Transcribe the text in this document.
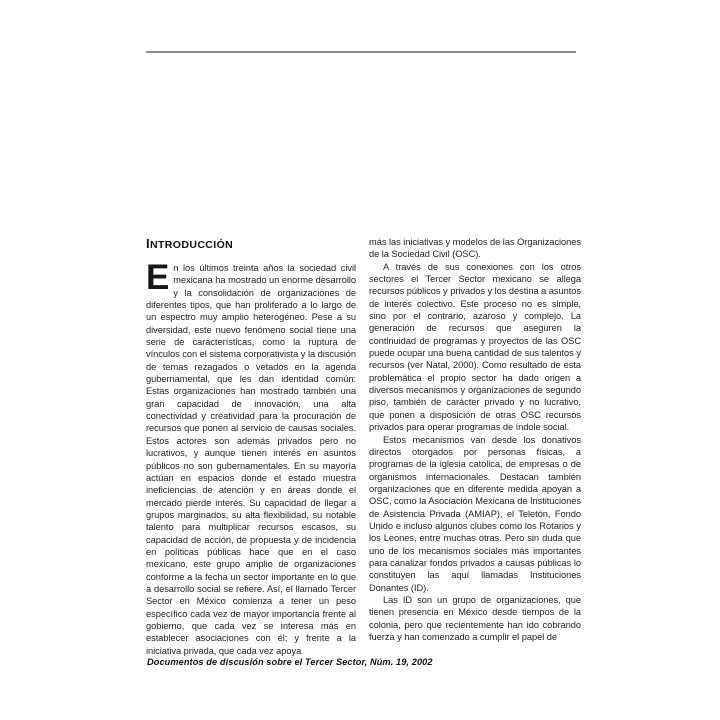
INTRODUCCIÓN

En los últimos treinta años la sociedad civil mexicana ha mostrado un enorme desarrollo y la consolidación de organizaciones de diferentes tipos, que han proliferado a lo largo de un espectro muy amplio heterogéneo. Pese a su diversidad, este nuevo fenómeno social tiene una serie de características, como la ruptura de vínculos con el sistema corporativista y la discusión de temas rezagados o vetados en la agenda gubernamental, que les dan identidad común: Estas organizaciones han mostrado también una gran capacidad de innovación, una alta conectividad y creatividad para la procuración de recursos que ponen al servicio de causas sociales. Estos actores son además privados pero no lucrativos, y aunque tienen interés en asuntos públicos no son gubernamentales. En su mayoría actúan en espacios donde el estado muestra ineficiencias de atención y en áreas donde el mercado pierde interés. Su capacidad de llegar a grupos marginados, su alta flexibilidad, su notable talento para multiplicar recursos escasos, su capacidad de acción, de propuesta y de incidencia en políticas públicas hace que en el caso mexicano, este grupo amplio de organizaciones conforme a la fecha un sector importante en lo que a desarrollo social se refiere. Así, el llamado Tercer Sector en México comienza a tener un peso específico cada vez de mayor importancia frente al gobierno, que cada vez se interesa más en establecer asociaciones con él; y frente a la iniciativa privada, que cada vez apoya

más las iniciativas y modelos de las Organizaciones de la Sociedad Civil (OSC).

A través de sus conexiones con los otros sectores el Tercer Sector mexicano se allega recursos públicos y privados y los destina a asuntos de interés colectivo. Este proceso no es simple, sino por el contrario, azaroso y complejo. La generación de recursos que aseguren la continuidad de programas y proyectos de las OSC puede ocupar una buena cantidad de sus talentos y recursos (ver Natal, 2000). Como resultado de esta problemática el propio sector ha dado origen a diversos mecanismos y organizaciones de segundo piso, también de carácter privado y no lucrativo, que ponen a disposición de otras OSC recursos privados para operar programas de índole social.

Estos mecanismos van desde los donativos directos otorgados por personas físicas, a programas de la iglesia católica, de empresas o de organismos internacionales. Destacan también organizaciones que en diferente medida apoyan a OSC, como la Asociación Mexicana de Instituciones de Asistencia Privada (AMIAP), el Teletón, Fondo Unido e incluso algunos clubes como los Rotarios y los Leones, entre muchas otras. Pero sin duda que uno de los mecanismos sociales más importantes para canalizar fondos privados a causas públicas lo constituyen las aquí llamadas Instituciones Donantes (ID).

Las ID son un grupo de organizaciones, que tienen presencia en México desde tiempos de la colonia, pero que recientemente han ido cobrando fuerza y han comenzado a cumplir el papel de

Documentos de discusión sobre el Tercer Sector, Núm. 19, 2002
